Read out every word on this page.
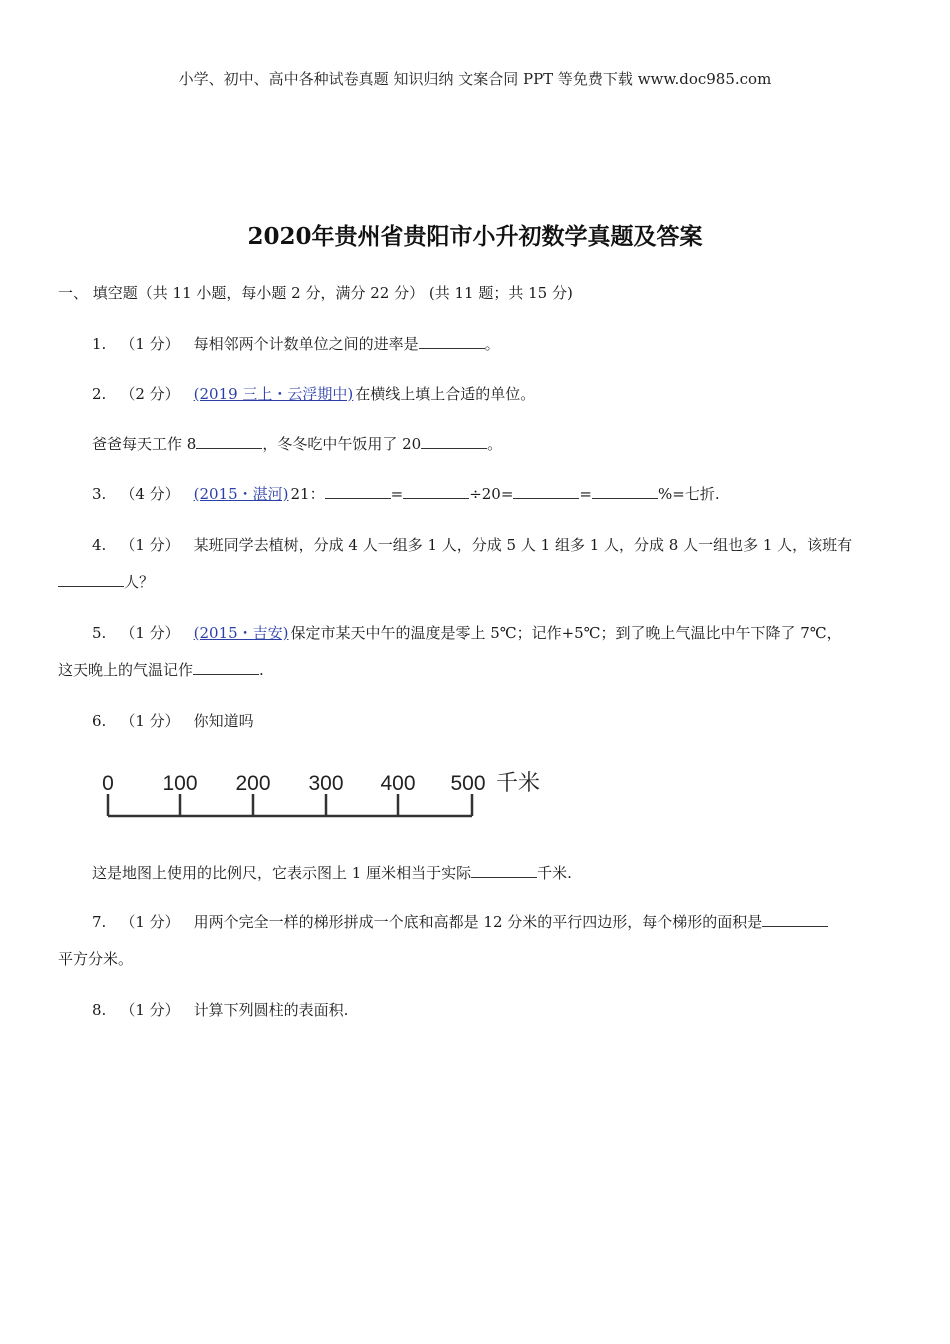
小学、初中、高中各种试卷真题 知识归纳 文案合同 PPT 等免费下载 www.doc985.com
2020年贵州省贵阳市小升初数学真题及答案
一、 填空题（共 11 小题，每小题 2 分，满分 22 分） (共 11 题；共 15 分)
1. （1 分） 每相邻两个计数单位之间的进率是	。
2. （2 分） (2019 三上・云浮期中) 在横线上填上合适的单位。
爸爸每天工作 8	，冬冬吃中午饭用了 20	。
3. （4 分） (2015・湛河) 21：	=	÷20=	=	%=七折.
4. （1 分） 某班同学去植树，分成 4 人一组多 1 人，分成 5 人 1 组多 1 人，分成 8 人一组也多 1 人，该班有
人？
5. （1 分） (2015・吉安) 保定市某天中午的温度是零上 5℃；记作+5℃；到了晚上气温比中午下降了 7℃，
这天晚上的气温记作	.
6. （1 分） 你知道吗
0 100 200 300 400 500 千米
这是地图上使用的比例尺，它表示图上 1 厘米相当于实际	千米.
7. （1 分） 用两个完全一样的梯形拼成一个底和高都是 12 分米的平行四边形，每个梯形的面积是
平方分米。
8. （1 分） 计算下列圆柱的表面积.
